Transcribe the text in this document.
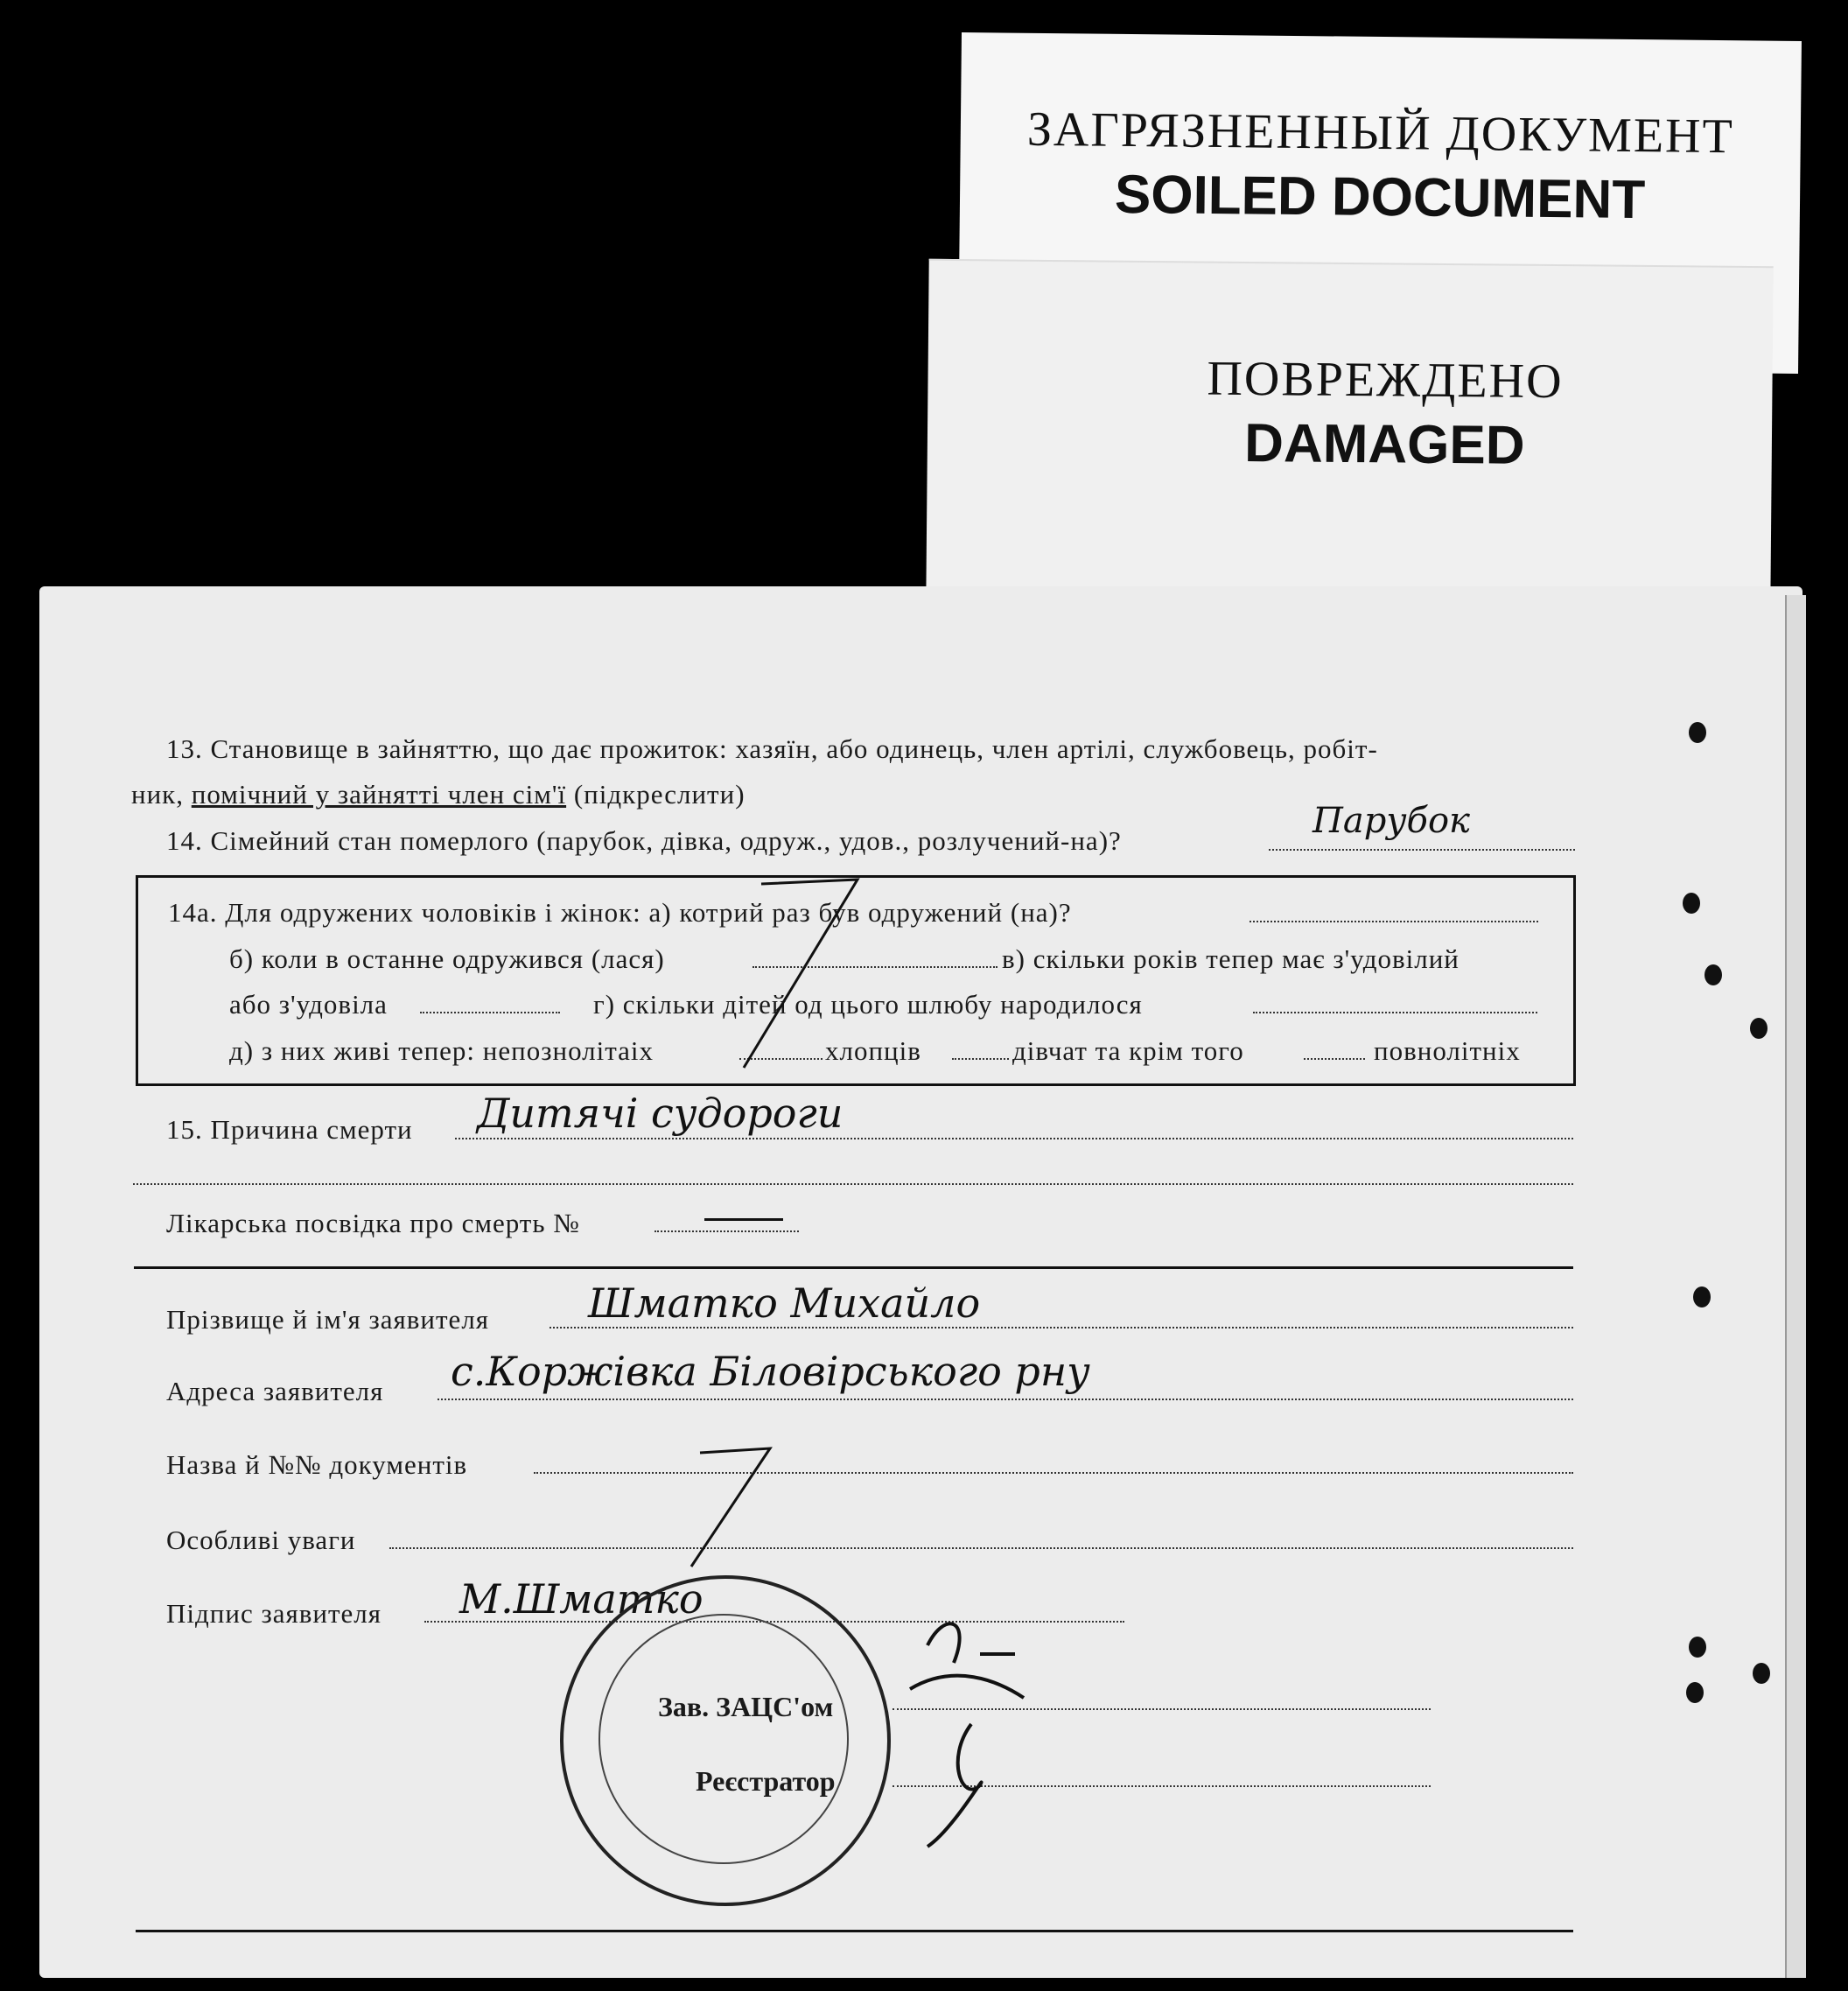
ЗАГРЯЗНЕННЫЙ ДОКУМЕНТ
SOILED DOCUMENT
ПОВРЕЖДЕНО
DAMAGED
13. Становище в зайняттю, що дає прожиток: хазяїн, або одинець, член артілі, службовець, робіт-
ник, помічний у зайнятті член сім'ї (підкреслити)
14. Сімейний стан померлого (парубок, дівка, одруж., удов., розлучений-на)?	Парубок
14а. Для одружених чоловіків і жінок: а) котрий раз був одружений (на)?
б) коли в останне одружився (лася)	в) скільки років тепер має з'удовілий
або з'удовіла	г) скільки дітей од цього шлюбу народилося
д) з них живі тепер: непознолітаіх	хлопців	дівчат та крім того	повнолітніх
15. Причина смерти Дитячі судороги
Лікарська посвідка про смерть №
Прізвище й ім'я заявителя Шматко Михайло
Адреса заявителя с.Коржівка Біловірського рну
Назва й №№ документів
Особливі уваги
Підпис заявителя М.Шматко
Зав. ЗАЦС'ом
Реєстратор
